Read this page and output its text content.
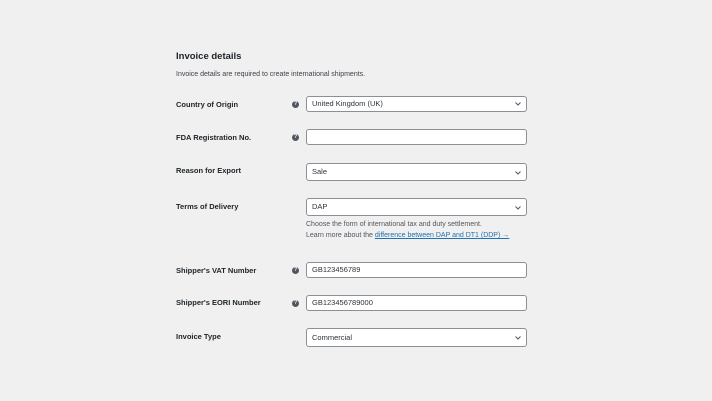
Invoice details
Invoice details are required to create international shipments.
Country of Origin	?	United Kingdom (UK)
FDA Registration No.	?
Reason for Export	Sale
Terms of Delivery	DAP
Choose the form of international tax and duty settlement.
Learn more about the difference between DAP and DT1 (DDP) →
Shipper's VAT Number	?	GB123456789
Shipper's EORI Number	?	GB123456789000
Invoice Type	Commercial
